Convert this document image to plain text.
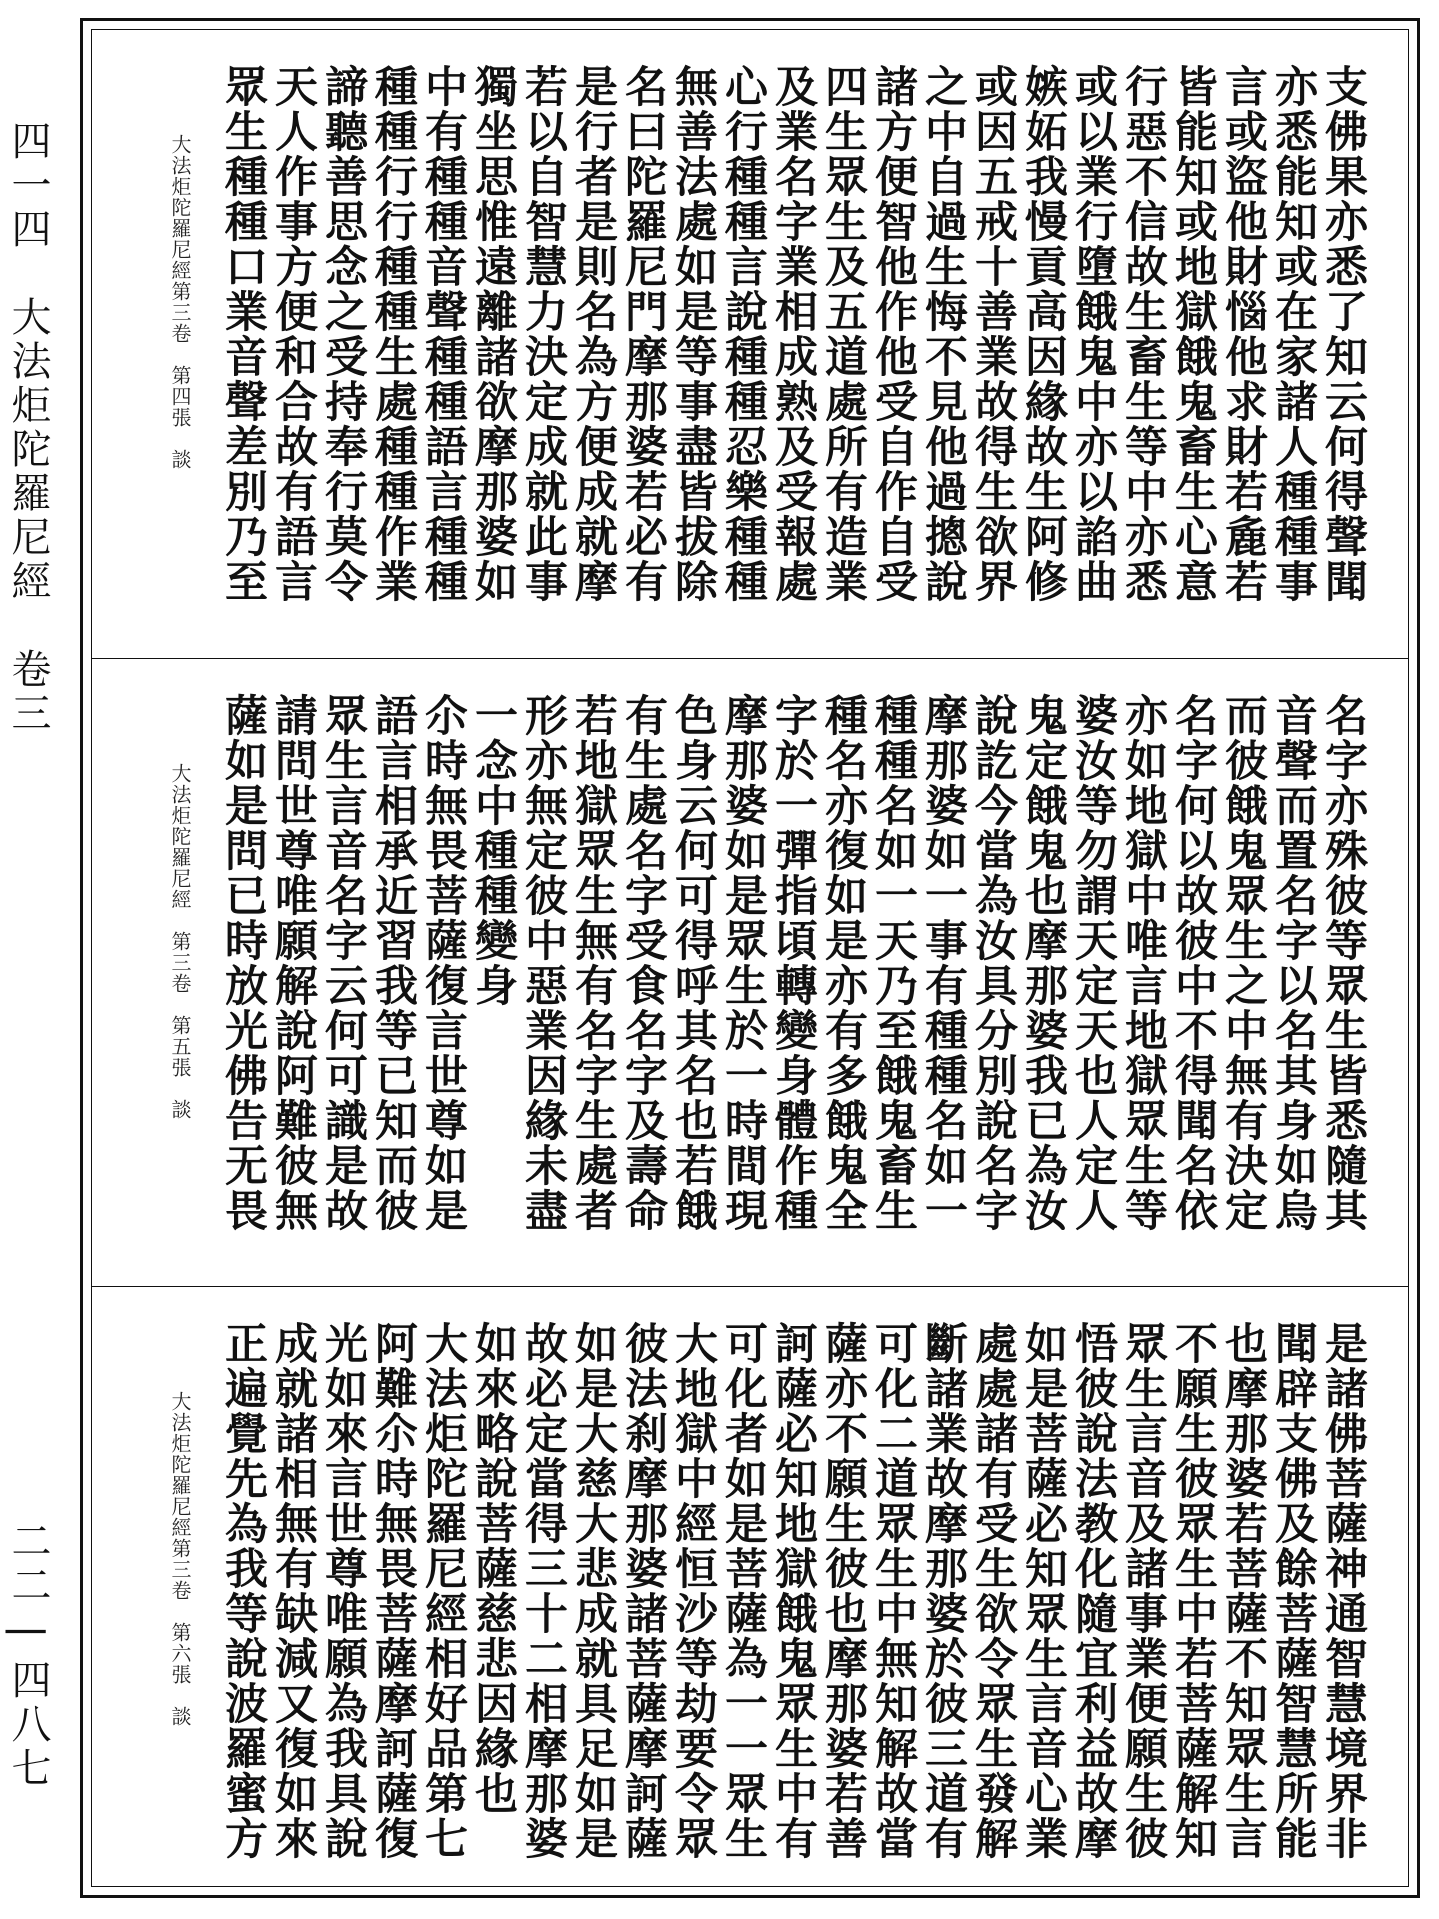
四一四　大法炬陀羅尼經　卷三
二二 | 四八七
支佛果亦悉了知云何得聲聞
亦悉能知或在家諸人種種事
言或盜他財惱他求財若麁若
皆能知或地獄餓鬼畜生心意
行惡不信故生畜生等中亦悉
或以業行墮餓鬼中亦以諂曲
嫉妬我慢貢高因緣故生阿修
或因五戒十善業故得生欲界
之中自過生悔不見他過摠說
諸方便智他作他受自作自受
四生眾生及五道處所有造業
及業名字業相成熟及受報處
心行種種言說種種忍樂種種
無善法處如是等事盡皆拔除
名曰陀羅尼門摩那婆若必有
是行者是則名為方便成就摩
若以自智慧力決定成就此事
獨坐思惟遠離諸欲摩那婆如
中有種種音聲種種語言種種
種種行行種種生處種種作業
諦聽善思念之受持奉行莫令
天人作事方便和合故有語言
眾生種種口業音聲差別乃至
大法炬陀羅尼經第三卷　第四張　談
名字亦殊彼等眾生皆悉隨其
音聲而置名字以名其身如烏
而彼餓鬼眾生之中無有決定
名字何以故彼中不得聞名依
亦如地獄中唯言地獄眾生等
婆汝等勿謂天定天也人定人
鬼定餓鬼也摩那婆我已為汝
說訖今當為汝具分別說名字
摩那婆如一事有種種名如一
種種名如一天乃至餓鬼畜生
種名亦復如是亦有多餓鬼全
字於一彈指頃轉變身體作種
摩那婆如是眾生於一時間現
色身云何可得呼其名也若餓
有生處名字受食名字及壽命
若地獄眾生無有名字生處者
形亦無定彼中惡業因緣未盡
一念中種種變身
尒時無畏菩薩復言世尊如是
語言相承近習我等已知而彼
眾生言音名字云何可識是故
請問世尊唯願解說阿難彼無
薩如是問已時放光佛告无畏
大法炬陀羅尼經　第三卷　第五張　談
是諸佛菩薩神通智慧境界非
聞辟支佛及餘菩薩智慧所能
也摩那婆若菩薩不知眾生言
不願生彼眾生中若菩薩解知
眾生言音及諸事業便願生彼
悟彼說法教化隨宜利益故摩
如是菩薩必知眾生言音心業
處處諸有受生欲令眾生發解
斷諸業故摩那婆於彼三道有
可化二道眾生中無知解故當
薩亦不願生彼也摩那婆若善
訶薩必知地獄餓鬼眾生中有
可化者如是菩薩為一一眾生
大地獄中經恒沙等劫要令眾
彼法刹摩那婆諸菩薩摩訶薩
如是大慈大悲成就具足如是
故必定當得三十二相摩那婆
如來略說菩薩慈悲因緣也
大法炬陀羅尼經相好品第七
阿難尒時無畏菩薩摩訶薩復
光如來言世尊唯願為我具說
成就諸相無有缺減又復如來
正遍覺先為我等說波羅蜜方
大法炬陀羅尼經第三卷　第六張　談
